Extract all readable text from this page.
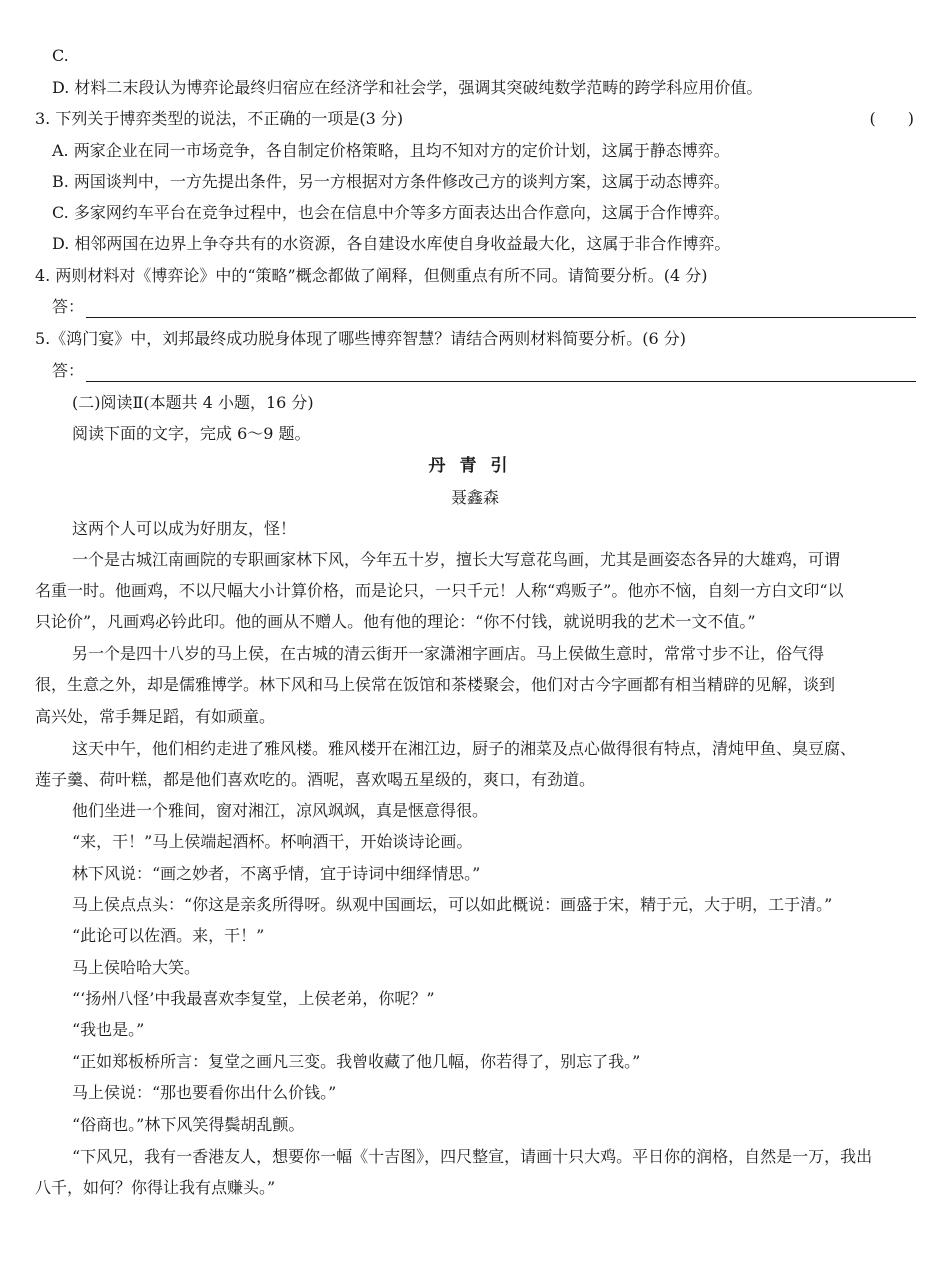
C.
D. 材料二末段认为博弈论最终归宿应在经济学和社会学，强调其突破纯数学范畴的跨学科应用价值。
3. 下列关于博弈类型的说法，不正确的一项是(3 分)	(　　)
A. 两家企业在同一市场竞争，各自制定价格策略，且均不知对方的定价计划，这属于静态博弈。
B. 两国谈判中，一方先提出条件，另一方根据对方条件修改己方的谈判方案，这属于动态博弈。
C. 多家网约车平台在竞争过程中，也会在信息中介等多方面表达出合作意向，这属于合作博弈。
D. 相邻两国在边界上争夺共有的水资源，各自建设水库使自身收益最大化，这属于非合作博弈。
4. 两则材料对《博弈论》中的“策略”概念都做了阐释，但侧重点有所不同。请简要分析。(4 分)
答：
5.《鸿门宴》中，刘邦最终成功脱身体现了哪些博弈智慧？请结合两则材料简要分析。(6 分)
答：
(二)阅读Ⅱ(本题共 4 小题，16 分)
阅读下面的文字，完成 6～9 题。
丹青引
聂鑫森
这两个人可以成为好朋友，怪！
一个是古城江南画院的专职画家林下风，今年五十岁，擅长大写意花鸟画，尤其是画姿态各异的大雄鸡，可谓
名重一时。他画鸡，不以尺幅大小计算价格，而是论只，一只千元！人称“鸡贩子”。他亦不恼，自刻一方白文印“以
只论价”，凡画鸡必钤此印。他的画从不赠人。他有他的理论：“你不付钱，就说明我的艺术一文不值。”
另一个是四十八岁的马上侯，在古城的清云街开一家潇湘字画店。马上侯做生意时，常常寸步不让，俗气得
很，生意之外，却是儒雅博学。林下风和马上侯常在饭馆和茶楼聚会，他们对古今字画都有相当精辟的见解，谈到
高兴处，常手舞足蹈，有如顽童。
这天中午，他们相约走进了雅风楼。雅风楼开在湘江边，厨子的湘菜及点心做得很有特点，清炖甲鱼、臭豆腐、
莲子羹、荷叶糕，都是他们喜欢吃的。酒呢，喜欢喝五星级的，爽口，有劲道。
他们坐进一个雅间，窗对湘江，凉风飒飒，真是惬意得很。
“来，干！”马上侯端起酒杯。杯响酒干，开始谈诗论画。
林下风说：“画之妙者，不离乎情，宜于诗词中细绎情思。”
马上侯点点头：“你这是亲炙所得呀。纵观中国画坛，可以如此概说：画盛于宋，精于元，大于明，工于清。”
“此论可以佐酒。来，干！”
马上侯哈哈大笑。
“‘扬州八怪’中我最喜欢李复堂，上侯老弟，你呢？”
“我也是。”
“正如郑板桥所言：复堂之画凡三变。我曾收藏了他几幅，你若得了，别忘了我。”
马上侯说：“那也要看你出什么价钱。”
“俗商也。”林下风笑得鬓胡乱颤。
“下风兄，我有一香港友人，想要你一幅《十吉图》，四尺整宣，请画十只大鸡。平日你的润格，自然是一万，我出
八千，如何？你得让我有点赚头。”
